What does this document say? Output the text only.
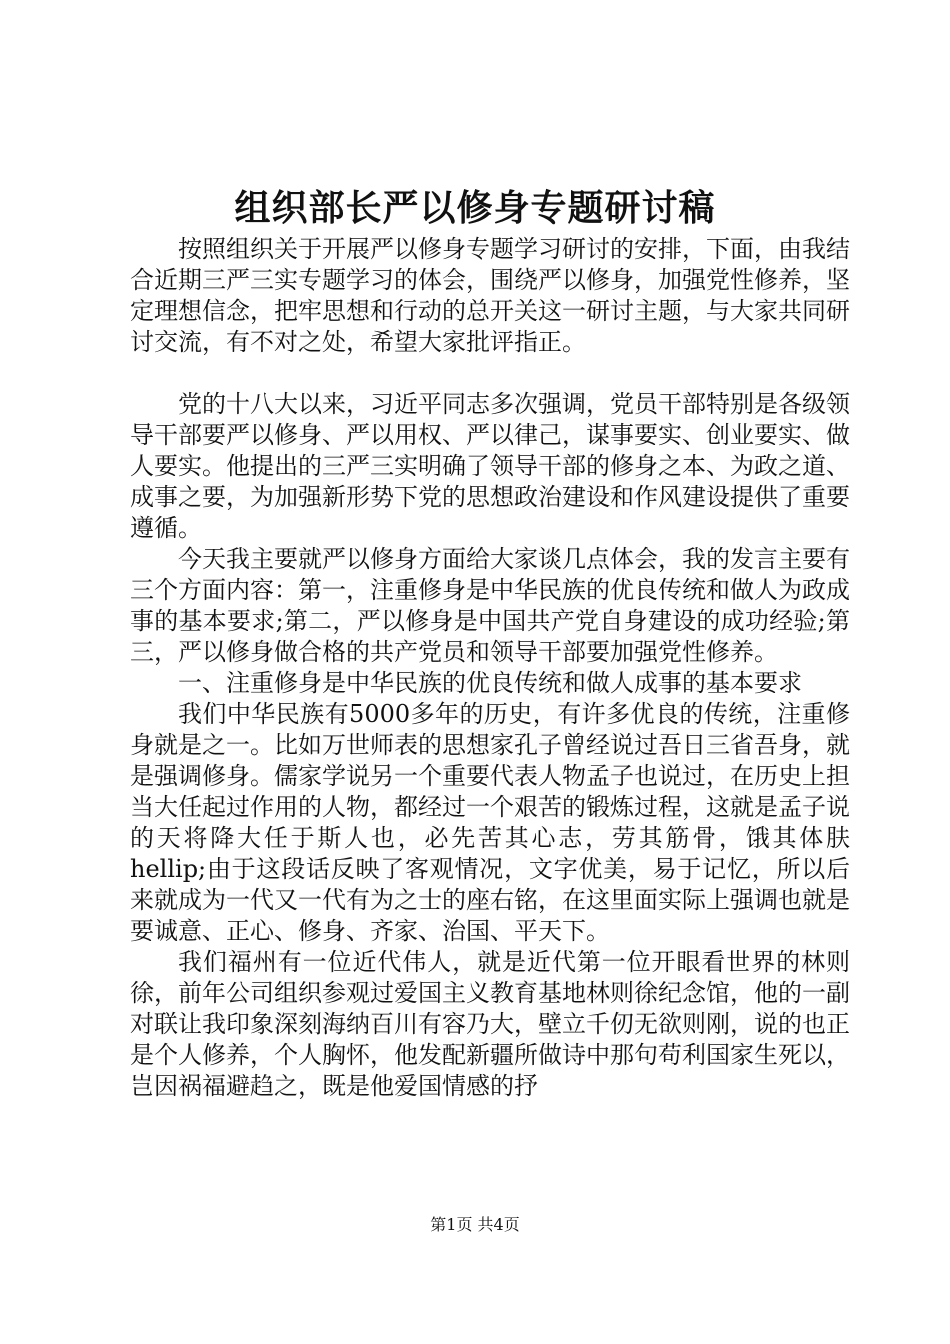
组织部长严以修身专题研讨稿

按照组织关于开展严以修身专题学习研讨的安排，下面，由我结合近期三严三实专题学习的体会，围绕严以修身，加强党性修养，坚定理想信念，把牢思想和行动的总开关这一研讨主题，与大家共同研讨交流，有不对之处，希望大家批评指正。

党的十八大以来，习近平同志多次强调，党员干部特别是各级领导干部要严以修身、严以用权、严以律己，谋事要实、创业要实、做人要实。他提出的三严三实明确了领导干部的修身之本、为政之道、成事之要，为加强新形势下党的思想政治建设和作风建设提供了重要遵循。

今天我主要就严以修身方面给大家谈几点体会，我的发言主要有三个方面内容：第一，注重修身是中华民族的优良传统和做人为政成事的基本要求;第二，严以修身是中国共产党自身建设的成功经验;第三，严以修身做合格的共产党员和领导干部要加强党性修养。

一、注重修身是中华民族的优良传统和做人成事的基本要求

我们中华民族有5000多年的历史，有许多优良的传统，注重修身就是之一。比如万世师表的思想家孔子曾经说过吾日三省吾身，就是强调修身。儒家学说另一个重要代表人物孟子也说过，在历史上担当大任起过作用的人物，都经过一个艰苦的锻炼过程，这就是孟子说的天将降大任于斯人也，必先苦其心志，劳其筋骨，饿其体肤hellip;由于这段话反映了客观情况，文字优美，易于记忆，所以后来就成为一代又一代有为之士的座右铭，在这里面实际上强调也就是要诚意、正心、修身、齐家、治国、平天下。

我们福州有一位近代伟人，就是近代第一位开眼看世界的林则徐，前年公司组织参观过爱国主义教育基地林则徐纪念馆，他的一副对联让我印象深刻海纳百川有容乃大，壁立千仞无欲则刚，说的也正是个人修养，个人胸怀，他发配新疆所做诗中那句苟利国家生死以，岂因祸福避趋之，既是他爱国情感的抒

第1页 共4页
